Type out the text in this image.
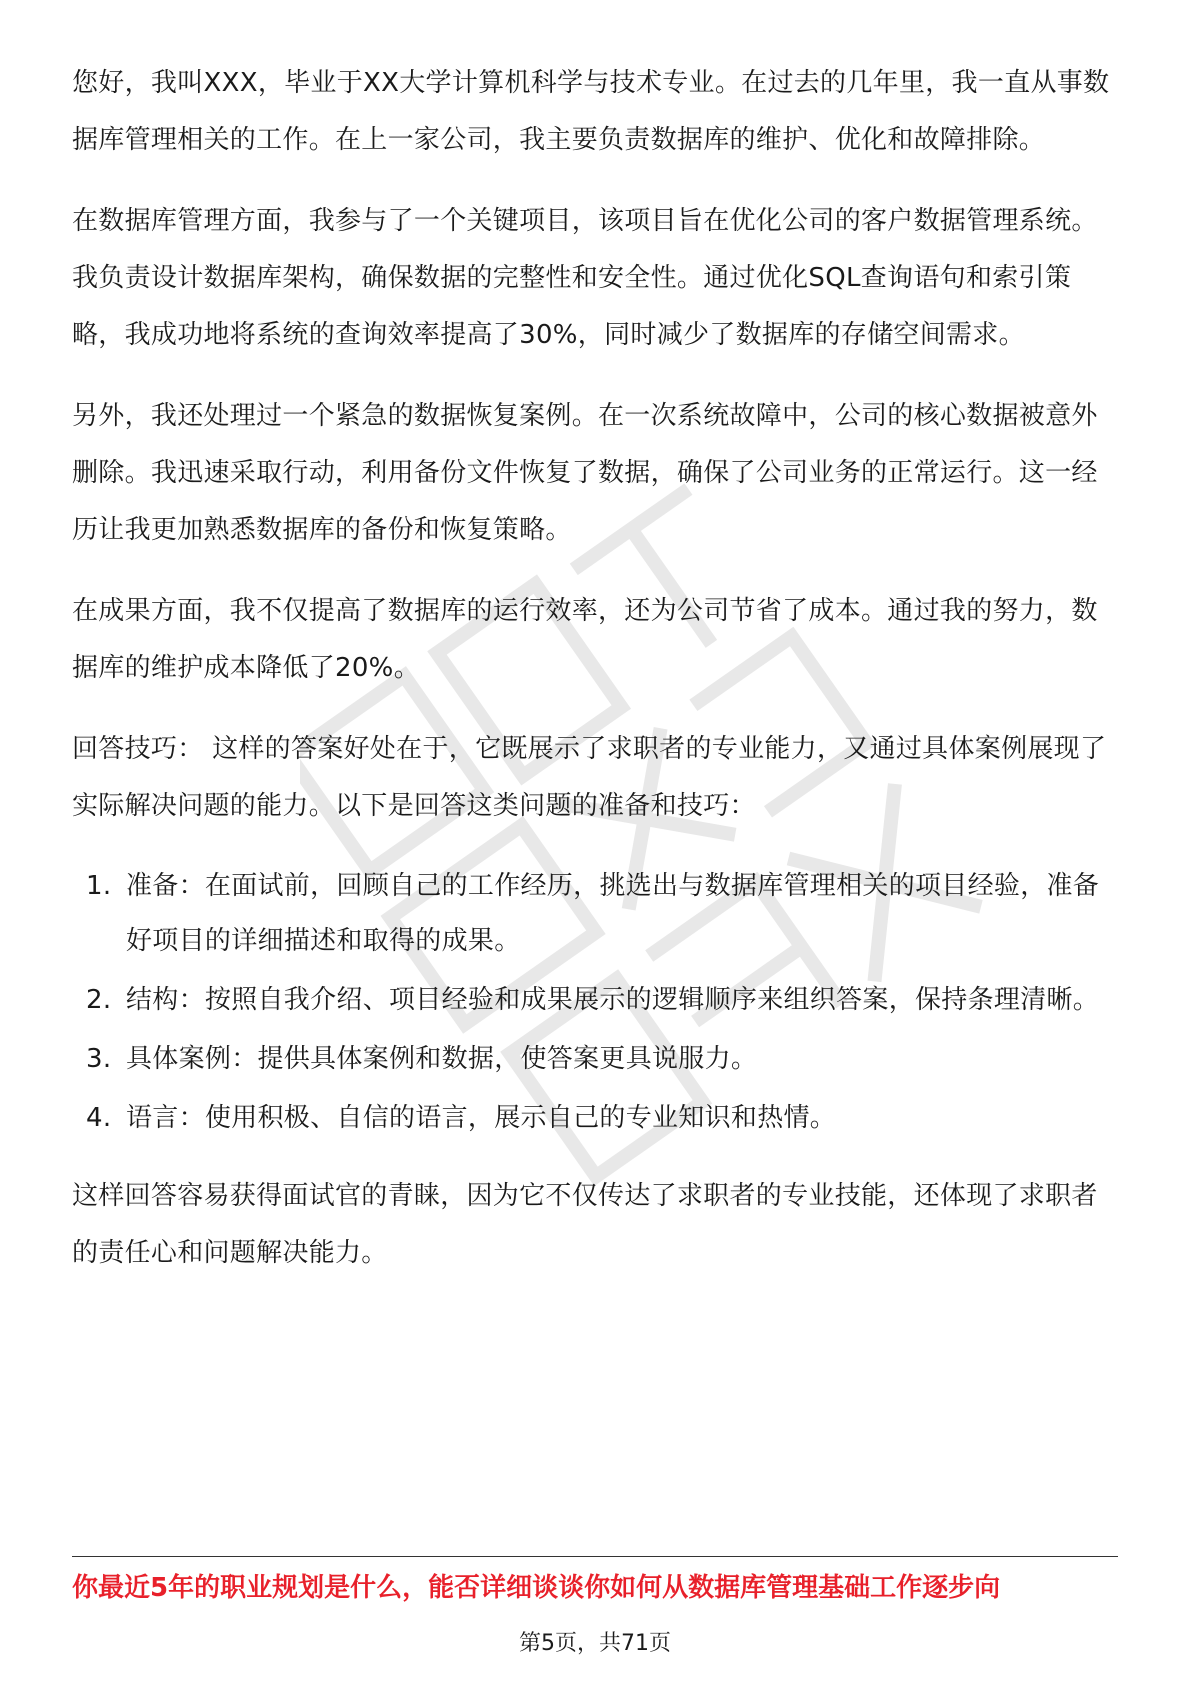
您好，我叫XXX，毕业于XX大学计算机科学与技术专业。在过去的几年里，我一直从事数据库管理相关的工作。在上一家公司，我主要负责数据库的维护、优化和故障排除。

在数据库管理方面，我参与了一个关键项目，该项目旨在优化公司的客户数据管理系统。我负责设计数据库架构，确保数据的完整性和安全性。通过优化SQL查询语句和索引策略，我成功地将系统的查询效率提高了30%，同时减少了数据库的存储空间需求。

另外，我还处理过一个紧急的数据恢复案例。在一次系统故障中，公司的核心数据被意外删除。我迅速采取行动，利用备份文件恢复了数据，确保了公司业务的正常运行。这一经历让我更加熟悉数据库的备份和恢复策略。

在成果方面，我不仅提高了数据库的运行效率，还为公司节省了成本。通过我的努力，数据库的维护成本降低了20%。

回答技巧： 这样的答案好处在于，它既展示了求职者的专业能力，又通过具体案例展现了实际解决问题的能力。以下是回答这类问题的准备和技巧：

1. 准备：在面试前，回顾自己的工作经历，挑选出与数据库管理相关的项目经验，准备好项目的详细描述和取得的成果。
2. 结构：按照自我介绍、项目经验和成果展示的逻辑顺序来组织答案，保持条理清晰。
3. 具体案例：提供具体案例和数据，使答案更具说服力。
4. 语言：使用积极、自信的语言，展示自己的专业知识和热情。

这样回答容易获得面试官的青睐，因为它不仅传达了求职者的专业技能，还体现了求职者的责任心和问题解决能力。

你最近5年的职业规划是什么，能否详细谈谈你如何从数据库管理基础工作逐步向
第5页，共71页
